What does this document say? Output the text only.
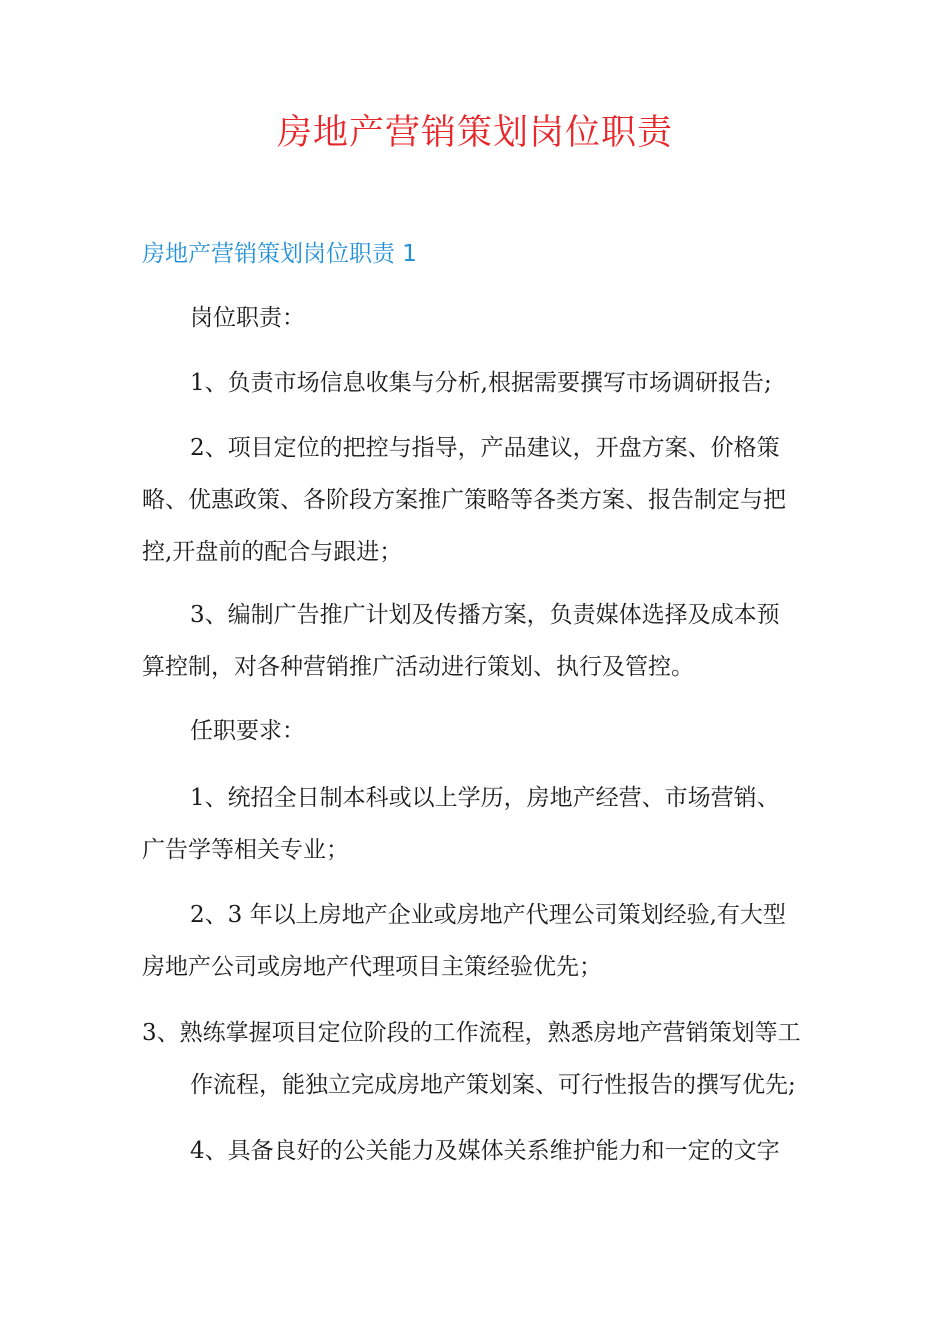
房地产营销策划岗位职责
房地产营销策划岗位职责 1
岗位职责：
1、负责市场信息收集与分析,根据需要撰写市场调研报告;
2、项目定位的把控与指导，产品建议，开盘方案、价格策
略、优惠政策、各阶段方案推广策略等各类方案、报告制定与把
控,开盘前的配合与跟进；
3、编制广告推广计划及传播方案，负责媒体选择及成本预
算控制，对各种营销推广活动进行策划、执行及管控。
任职要求：
1、统招全日制本科或以上学历，房地产经营、市场营销、
广告学等相关专业；
2、3 年以上房地产企业或房地产代理公司策划经验,有大型
房地产公司或房地产代理项目主策经验优先；
3、熟练掌握项目定位阶段的工作流程，熟悉房地产营销策划等工
作流程，能独立完成房地产策划案、可行性报告的撰写优先;
4、具备良好的公关能力及媒体关系维护能力和一定的文字
